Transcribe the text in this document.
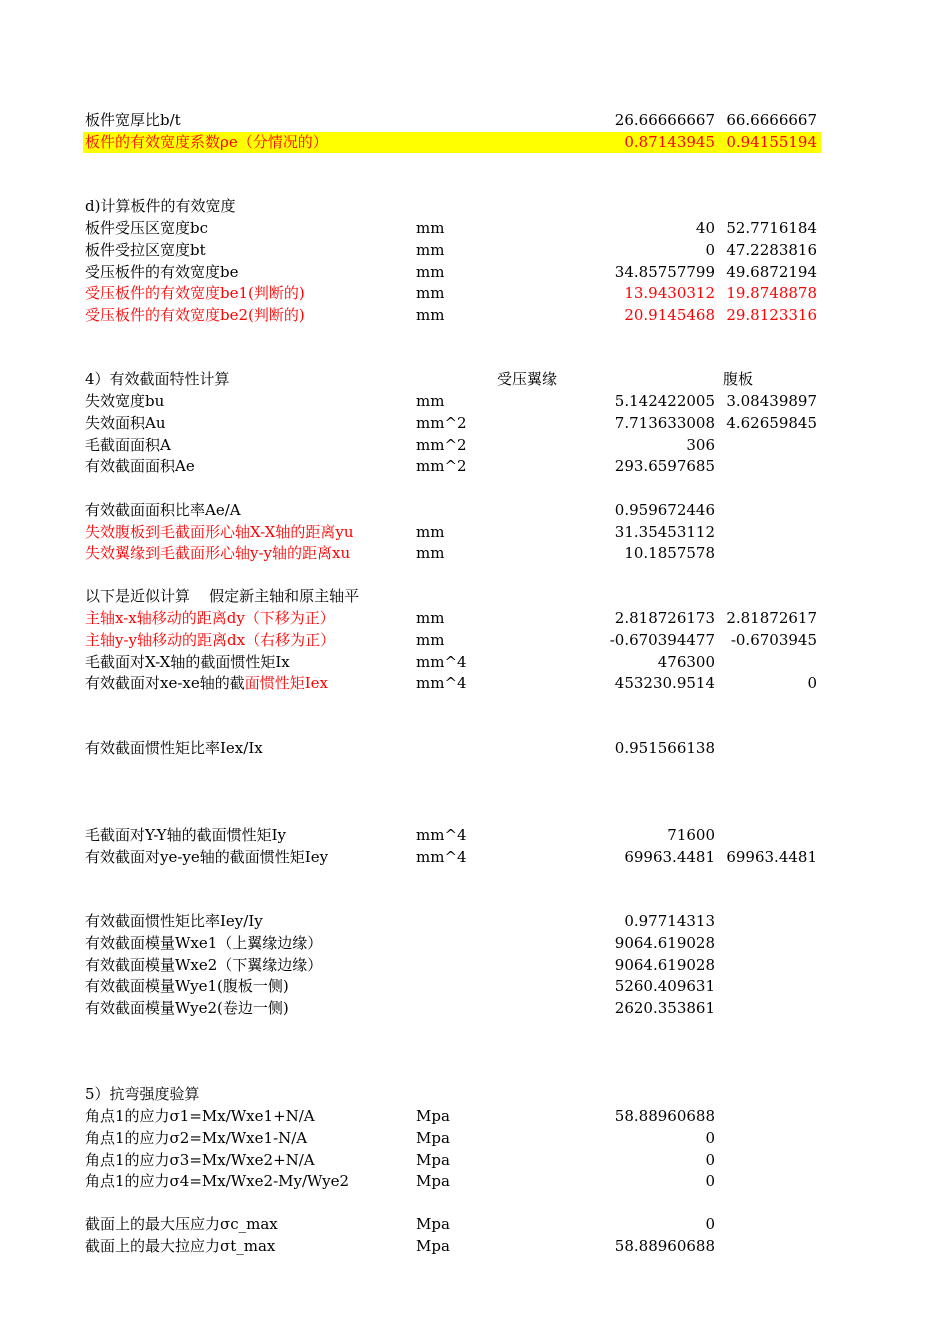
板件宽厚比b/t	26.66666667 66.6666667
板件的有效宽度系数ρe（分情况的）	0.87143945 0.94155194
d)计算板件的有效宽度
板件受压区宽度bc	mm	40 52.7716184
板件受拉区宽度bt	mm	0 47.2283816
受压板件的有效宽度be	mm	34.85757799 49.6872194
受压板件的有效宽度be1(判断的)	mm	13.9430312 19.8748878
受压板件的有效宽度be2(判断的)	mm	20.9145468 29.8123316
4）有效截面特性计算	受压翼缘	腹板
失效宽度bu	mm	5.142422005 3.08439897
失效面积Au	mm^2	7.713633008 4.62659845
毛截面面积A	mm^2	306
有效截面面积Ae	mm^2	293.6597685
有效截面面积比率Ae/A	0.959672446
失效腹板到毛截面形心轴X-X轴的距离yu	mm	31.35453112
失效翼缘到毛截面形心轴y-y轴的距离xu	mm	10.1857578
以下是近似计算    假定新主轴和原主轴平
主轴x-x轴移动的距离dy（下移为正）	mm	2.818726173 2.81872617
主轴y-y轴移动的距离dx（右移为正）	mm	-0.670394477 -0.6703945
毛截面对X-X轴的截面惯性矩Ix	mm^4	476300
有效截面对xe-xe轴的截面惯性矩Iex	mm^4	453230.9514	0
有效截面惯性矩比率Iex/Ix	0.951566138
毛截面对Y-Y轴的截面惯性矩Iy	mm^4	71600
有效截面对ye-ye轴的截面惯性矩Iey	mm^4	69963.4481 69963.4481
有效截面惯性矩比率Iey/Iy	0.97714313
有效截面模量Wxe1（上翼缘边缘）	9064.619028
有效截面模量Wxe2（下翼缘边缘）	9064.619028
有效截面模量Wye1(腹板一侧)	5260.409631
有效截面模量Wye2(卷边一侧)	2620.353861
5）抗弯强度验算
角点1的应力σ1=Mx/Wxe1+N/A	Mpa	58.88960688
角点1的应力σ2=Mx/Wxe1-N/A	Mpa	0
角点1的应力σ3=Mx/Wxe2+N/A	Mpa	0
角点1的应力σ4=Mx/Wxe2-My/Wye2	Mpa	0
截面上的最大压应力σc_max	Mpa	0
截面上的最大拉应力σt_max	Mpa	58.88960688
